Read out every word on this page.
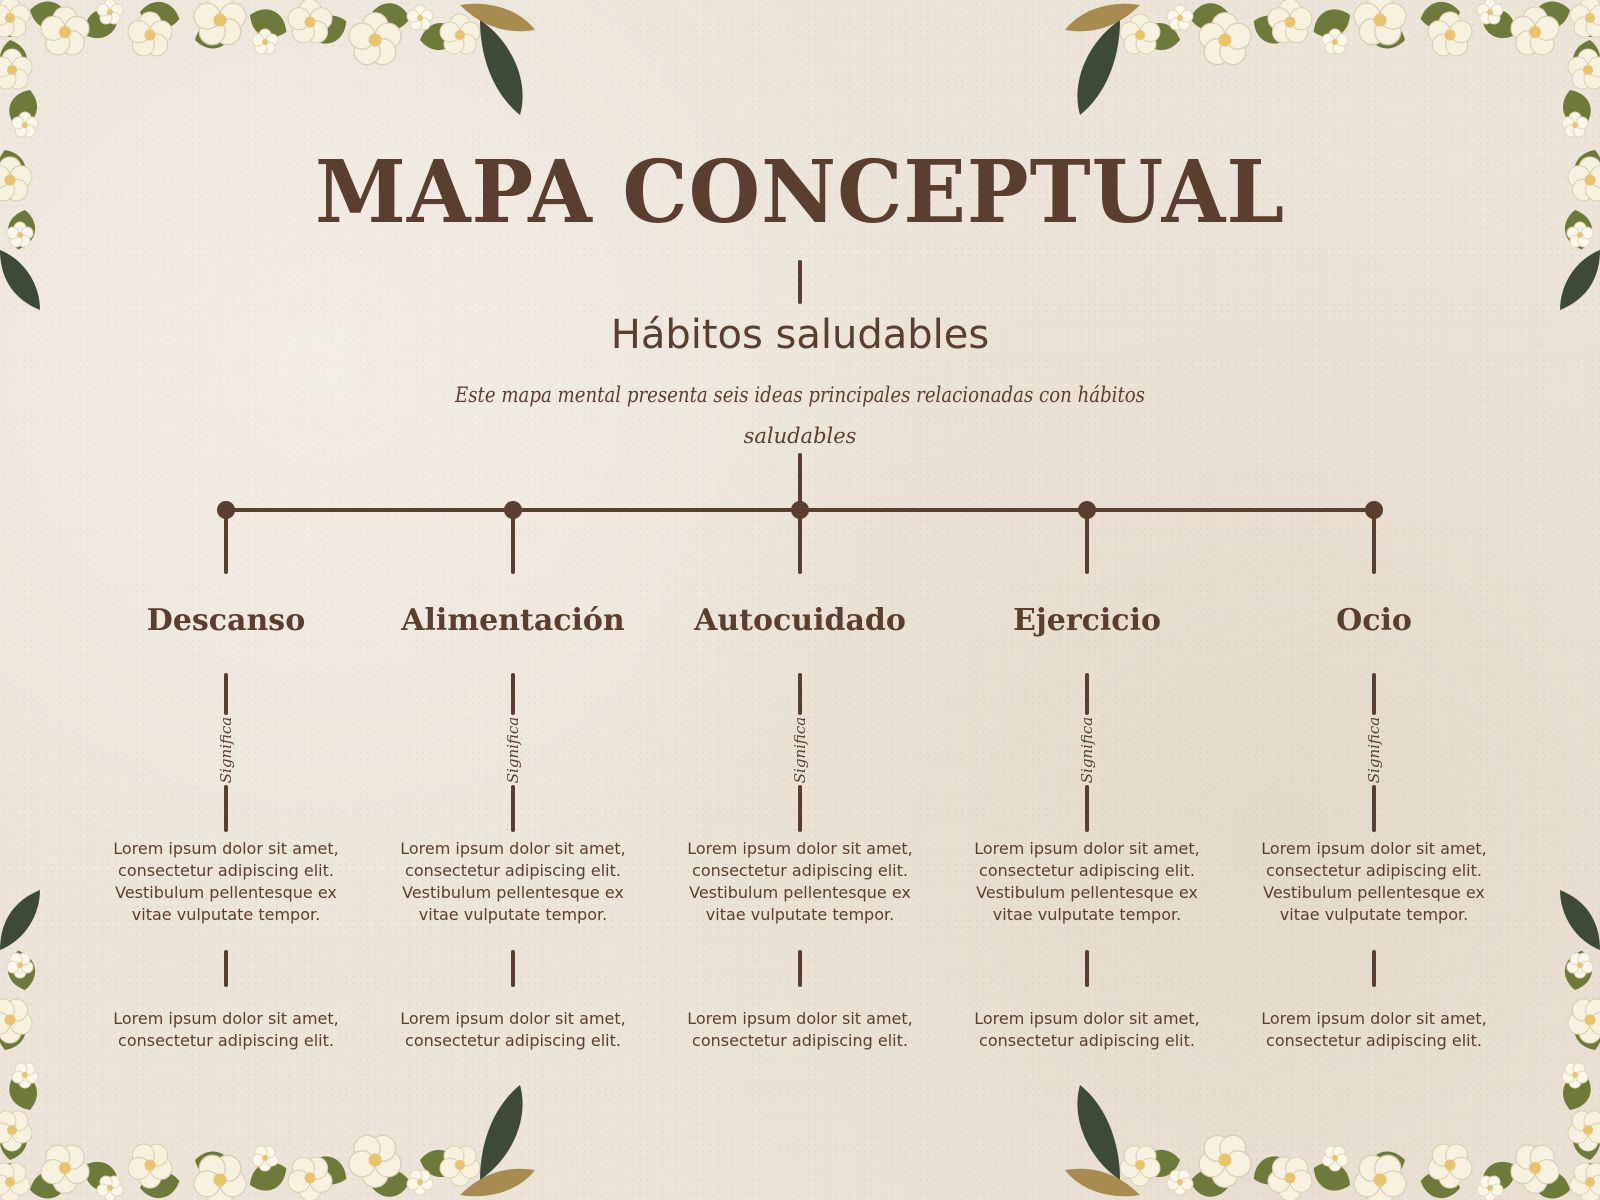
MAPA CONCEPTUAL
Hábitos saludables
Este mapa mental presenta seis ideas principales relacionadas con hábitos
saludables
Descanso
Significa
Lorem ipsum dolor sit amet,
consectetur adipiscing elit.
Vestibulum pellentesque ex
vitae vulputate tempor.
Lorem ipsum dolor sit amet,
consectetur adipiscing elit.
Alimentación
Significa
Lorem ipsum dolor sit amet,
consectetur adipiscing elit.
Vestibulum pellentesque ex
vitae vulputate tempor.
Lorem ipsum dolor sit amet,
consectetur adipiscing elit.
Autocuidado
Significa
Lorem ipsum dolor sit amet,
consectetur adipiscing elit.
Vestibulum pellentesque ex
vitae vulputate tempor.
Lorem ipsum dolor sit amet,
consectetur adipiscing elit.
Ejercicio
Significa
Lorem ipsum dolor sit amet,
consectetur adipiscing elit.
Vestibulum pellentesque ex
vitae vulputate tempor.
Lorem ipsum dolor sit amet,
consectetur adipiscing elit.
Ocio
Significa
Lorem ipsum dolor sit amet,
consectetur adipiscing elit.
Vestibulum pellentesque ex
vitae vulputate tempor.
Lorem ipsum dolor sit amet,
consectetur adipiscing elit.
